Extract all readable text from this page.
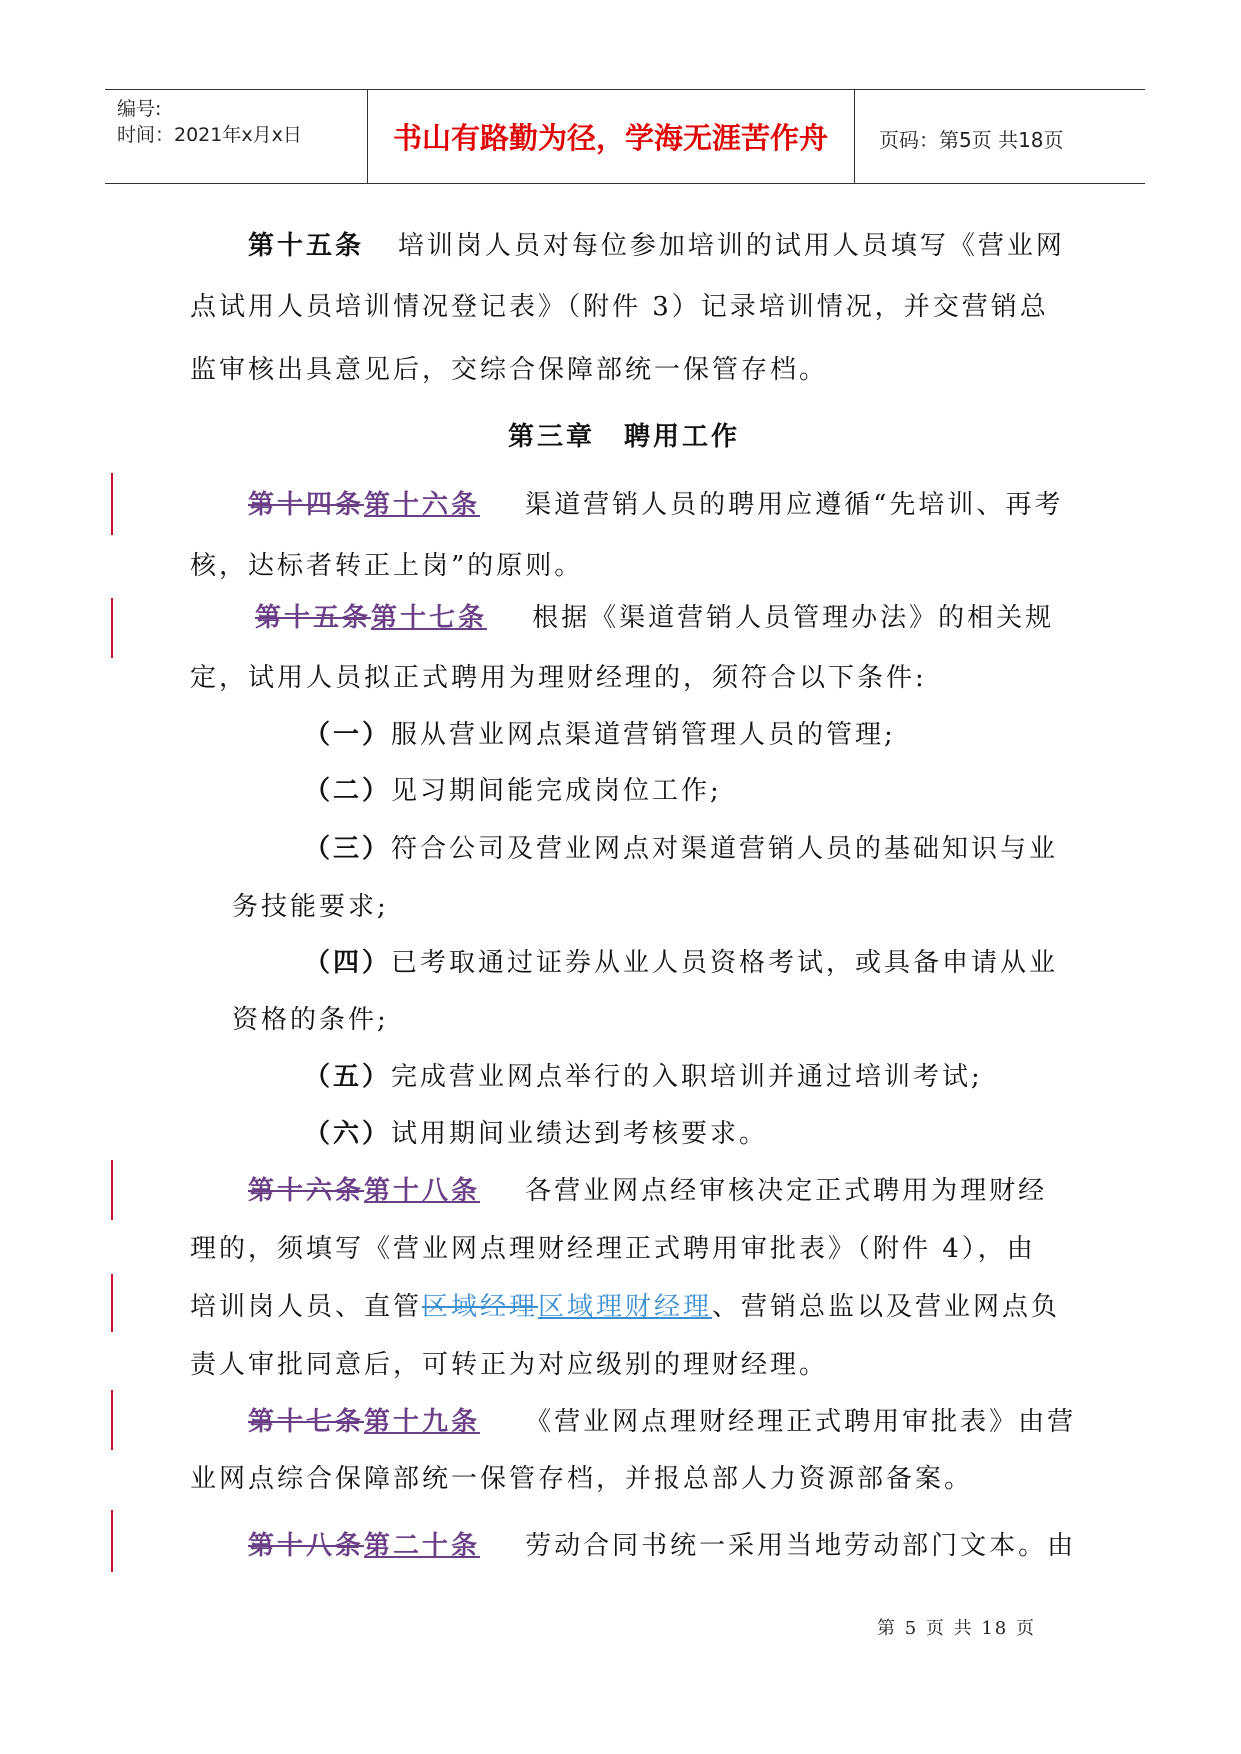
编号:
时间：2021年x月x日	书山有路勤为径，学海无涯苦作舟	页码：第5页 共18页
第十五条 培训岗人员对每位参加培训的试用人员填写《营业网
点试用人员培训情况登记表》（附件 3）记录培训情况，并交营销总
监审核出具意见后，交综合保障部统一保管存档。
第三章　聘用工作
第十四条第十六条 渠道营销人员的聘用应遵循“先培训、再考
核，达标者转正上岗”的原则。
第十五条第十七条 根据《渠道营销人员管理办法》的相关规
定，试用人员拟正式聘用为理财经理的，须符合以下条件:
（一）服从营业网点渠道营销管理人员的管理;
（二）见习期间能完成岗位工作;
（三）符合公司及营业网点对渠道营销人员的基础知识与业
务技能要求;
（四）已考取通过证券从业人员资格考试，或具备申请从业
资格的条件;
（五）完成营业网点举行的入职培训并通过培训考试;
（六）试用期间业绩达到考核要求。
第十六条第十八条 各营业网点经审核决定正式聘用为理财经
理的，须填写《营业网点理财经理正式聘用审批表》（附件 4），由
培训岗人员、直管区域经理区域理财经理、营销总监以及营业网点负
责人审批同意后，可转正为对应级别的理财经理。
第十七条第十九条 《营业网点理财经理正式聘用审批表》由营
业网点综合保障部统一保管存档，并报总部人力资源部备案。
第十八条第二十条 劳动合同书统一采用当地劳动部门文本。由
第 5 页 共 18 页
